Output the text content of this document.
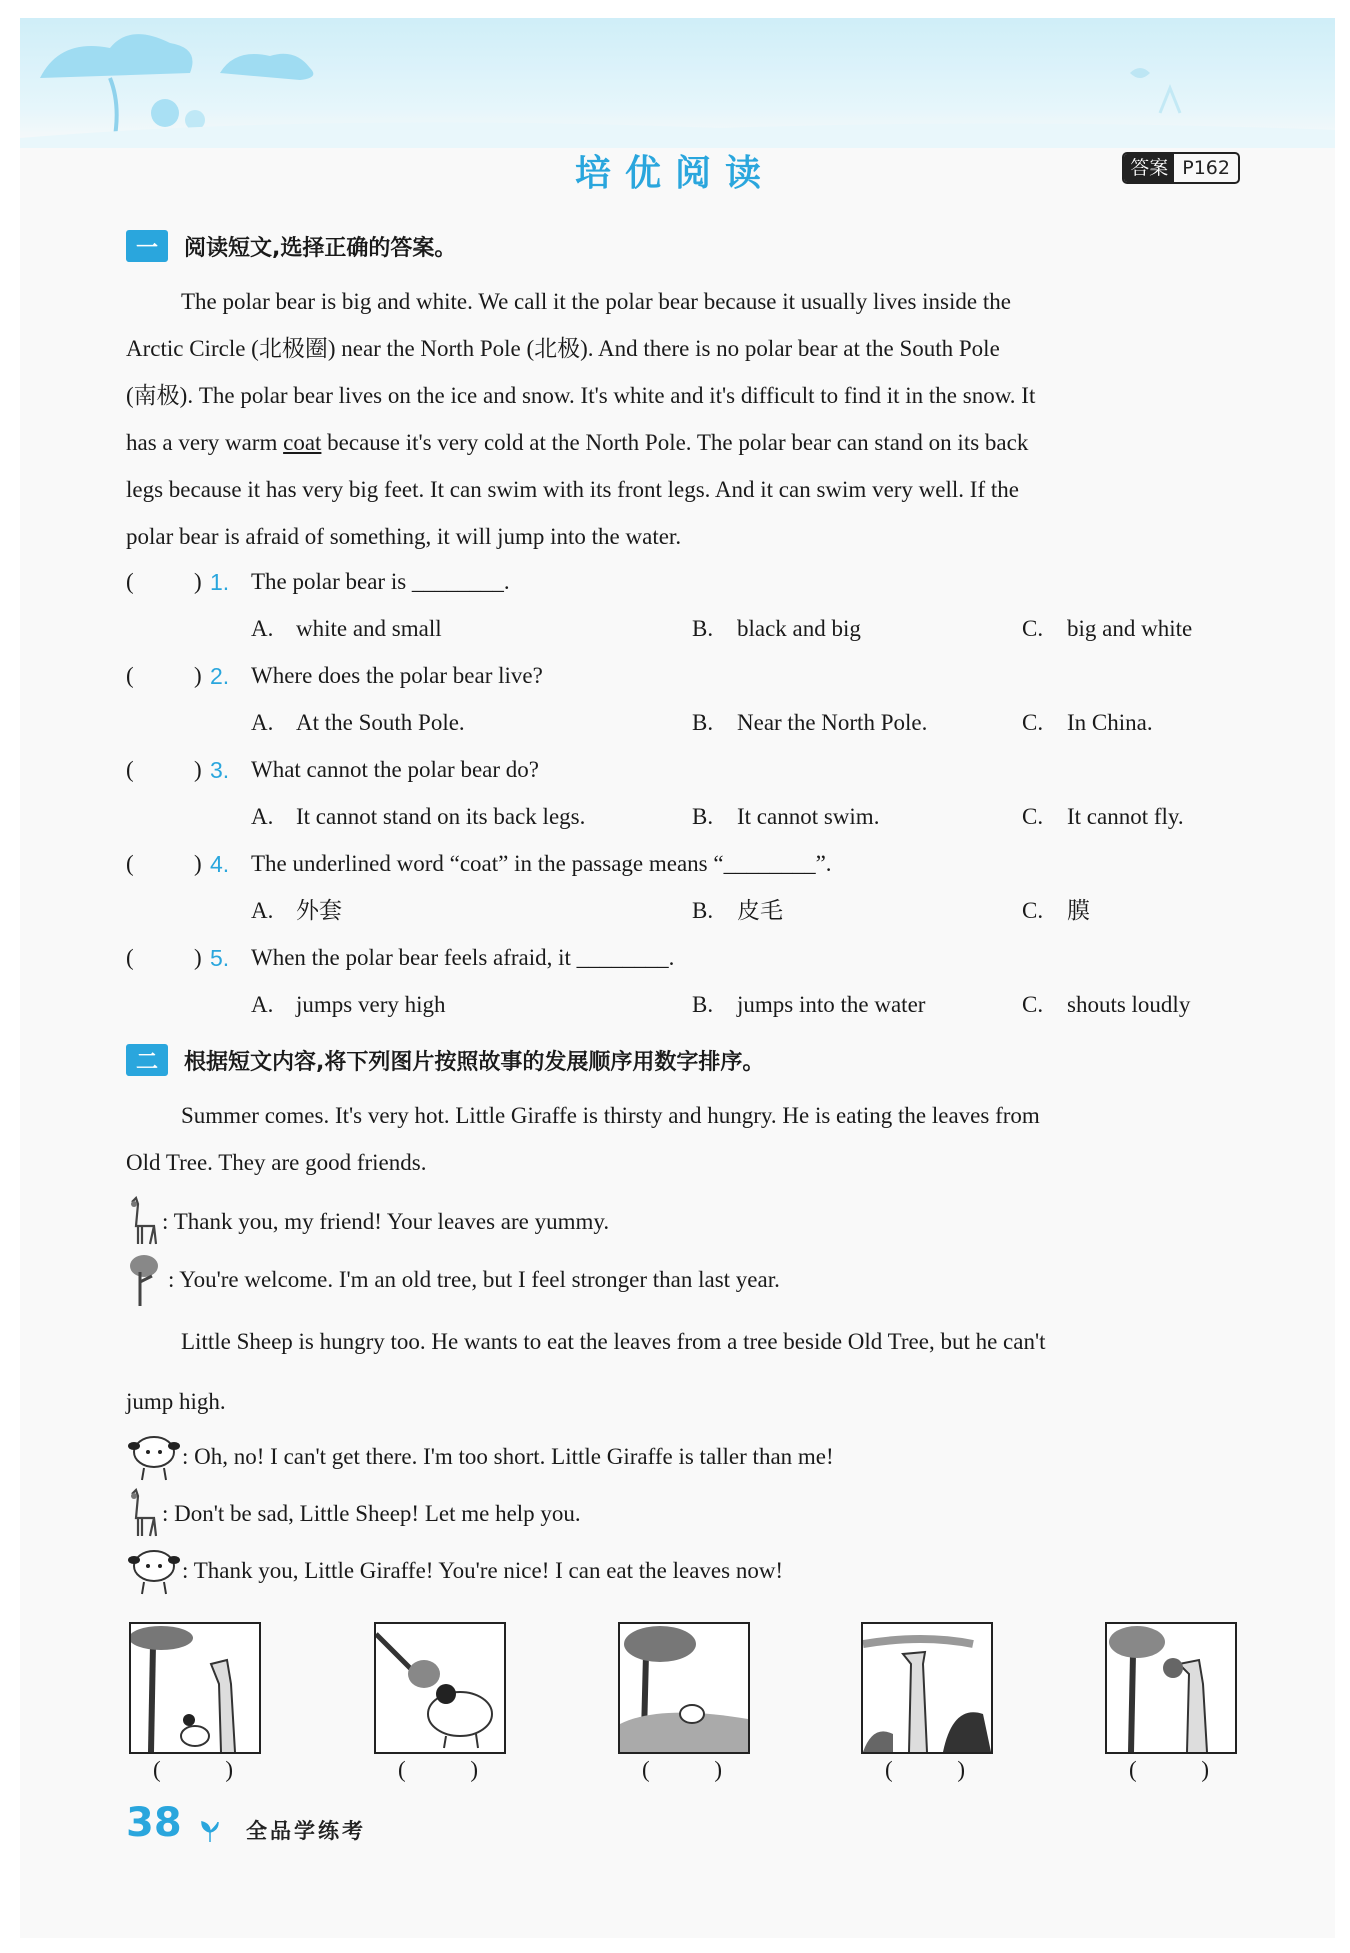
培优阅读	答案 P162
一	阅读短文,选择正确的答案。
The polar bear is big and white. We call it the polar bear because it usually lives inside the
Arctic Circle (北极圈) near the North Pole (北极). And there is no polar bear at the South Pole
(南极). The polar bear lives on the ice and snow. It's white and it's difficult to find it in the snow. It
has a very warm coat because it's very cold at the North Pole. The polar bear can stand on its back
legs because it has very big feet. It can swim with its front legs. And it can swim very well. If the
polar bear is afraid of something, it will jump into the water.
(	) 1. The polar bear is ________.
A. white and small	B. black and big	C. big and white
(	) 2. Where does the polar bear live?
A. At the South Pole.	B. Near the North Pole.	C. In China.
(	) 3. What cannot the polar bear do?
A. It cannot stand on its back legs.	B. It cannot swim.	C. It cannot fly.
(	) 4. The underlined word “coat” in the passage means “________”.
A. 外套	B. 皮毛	C. 膜
(	) 5. When the polar bear feels afraid, it ________.
A. jumps very high	B. jumps into the water	C. shouts loudly
二	根据短文内容,将下列图片按照故事的发展顺序用数字排序。
Summer comes. It's very hot. Little Giraffe is thirsty and hungry. He is eating the leaves from
Old Tree. They are good friends.
: Thank you, my friend! Your leaves are yummy.
: You're welcome. I'm an old tree, but I feel stronger than last year.
Little Sheep is hungry too. He wants to eat the leaves from a tree beside Old Tree, but he can't
jump high.
: Oh, no! I can't get there. I'm too short. Little Giraffe is taller than me!
: Don't be sad, Little Sheep! Let me help you.
: Thank you, Little Giraffe! You're nice! I can eat the leaves now!
(	)	(	)	(	)	(	)	(	)
38	全品学练考
